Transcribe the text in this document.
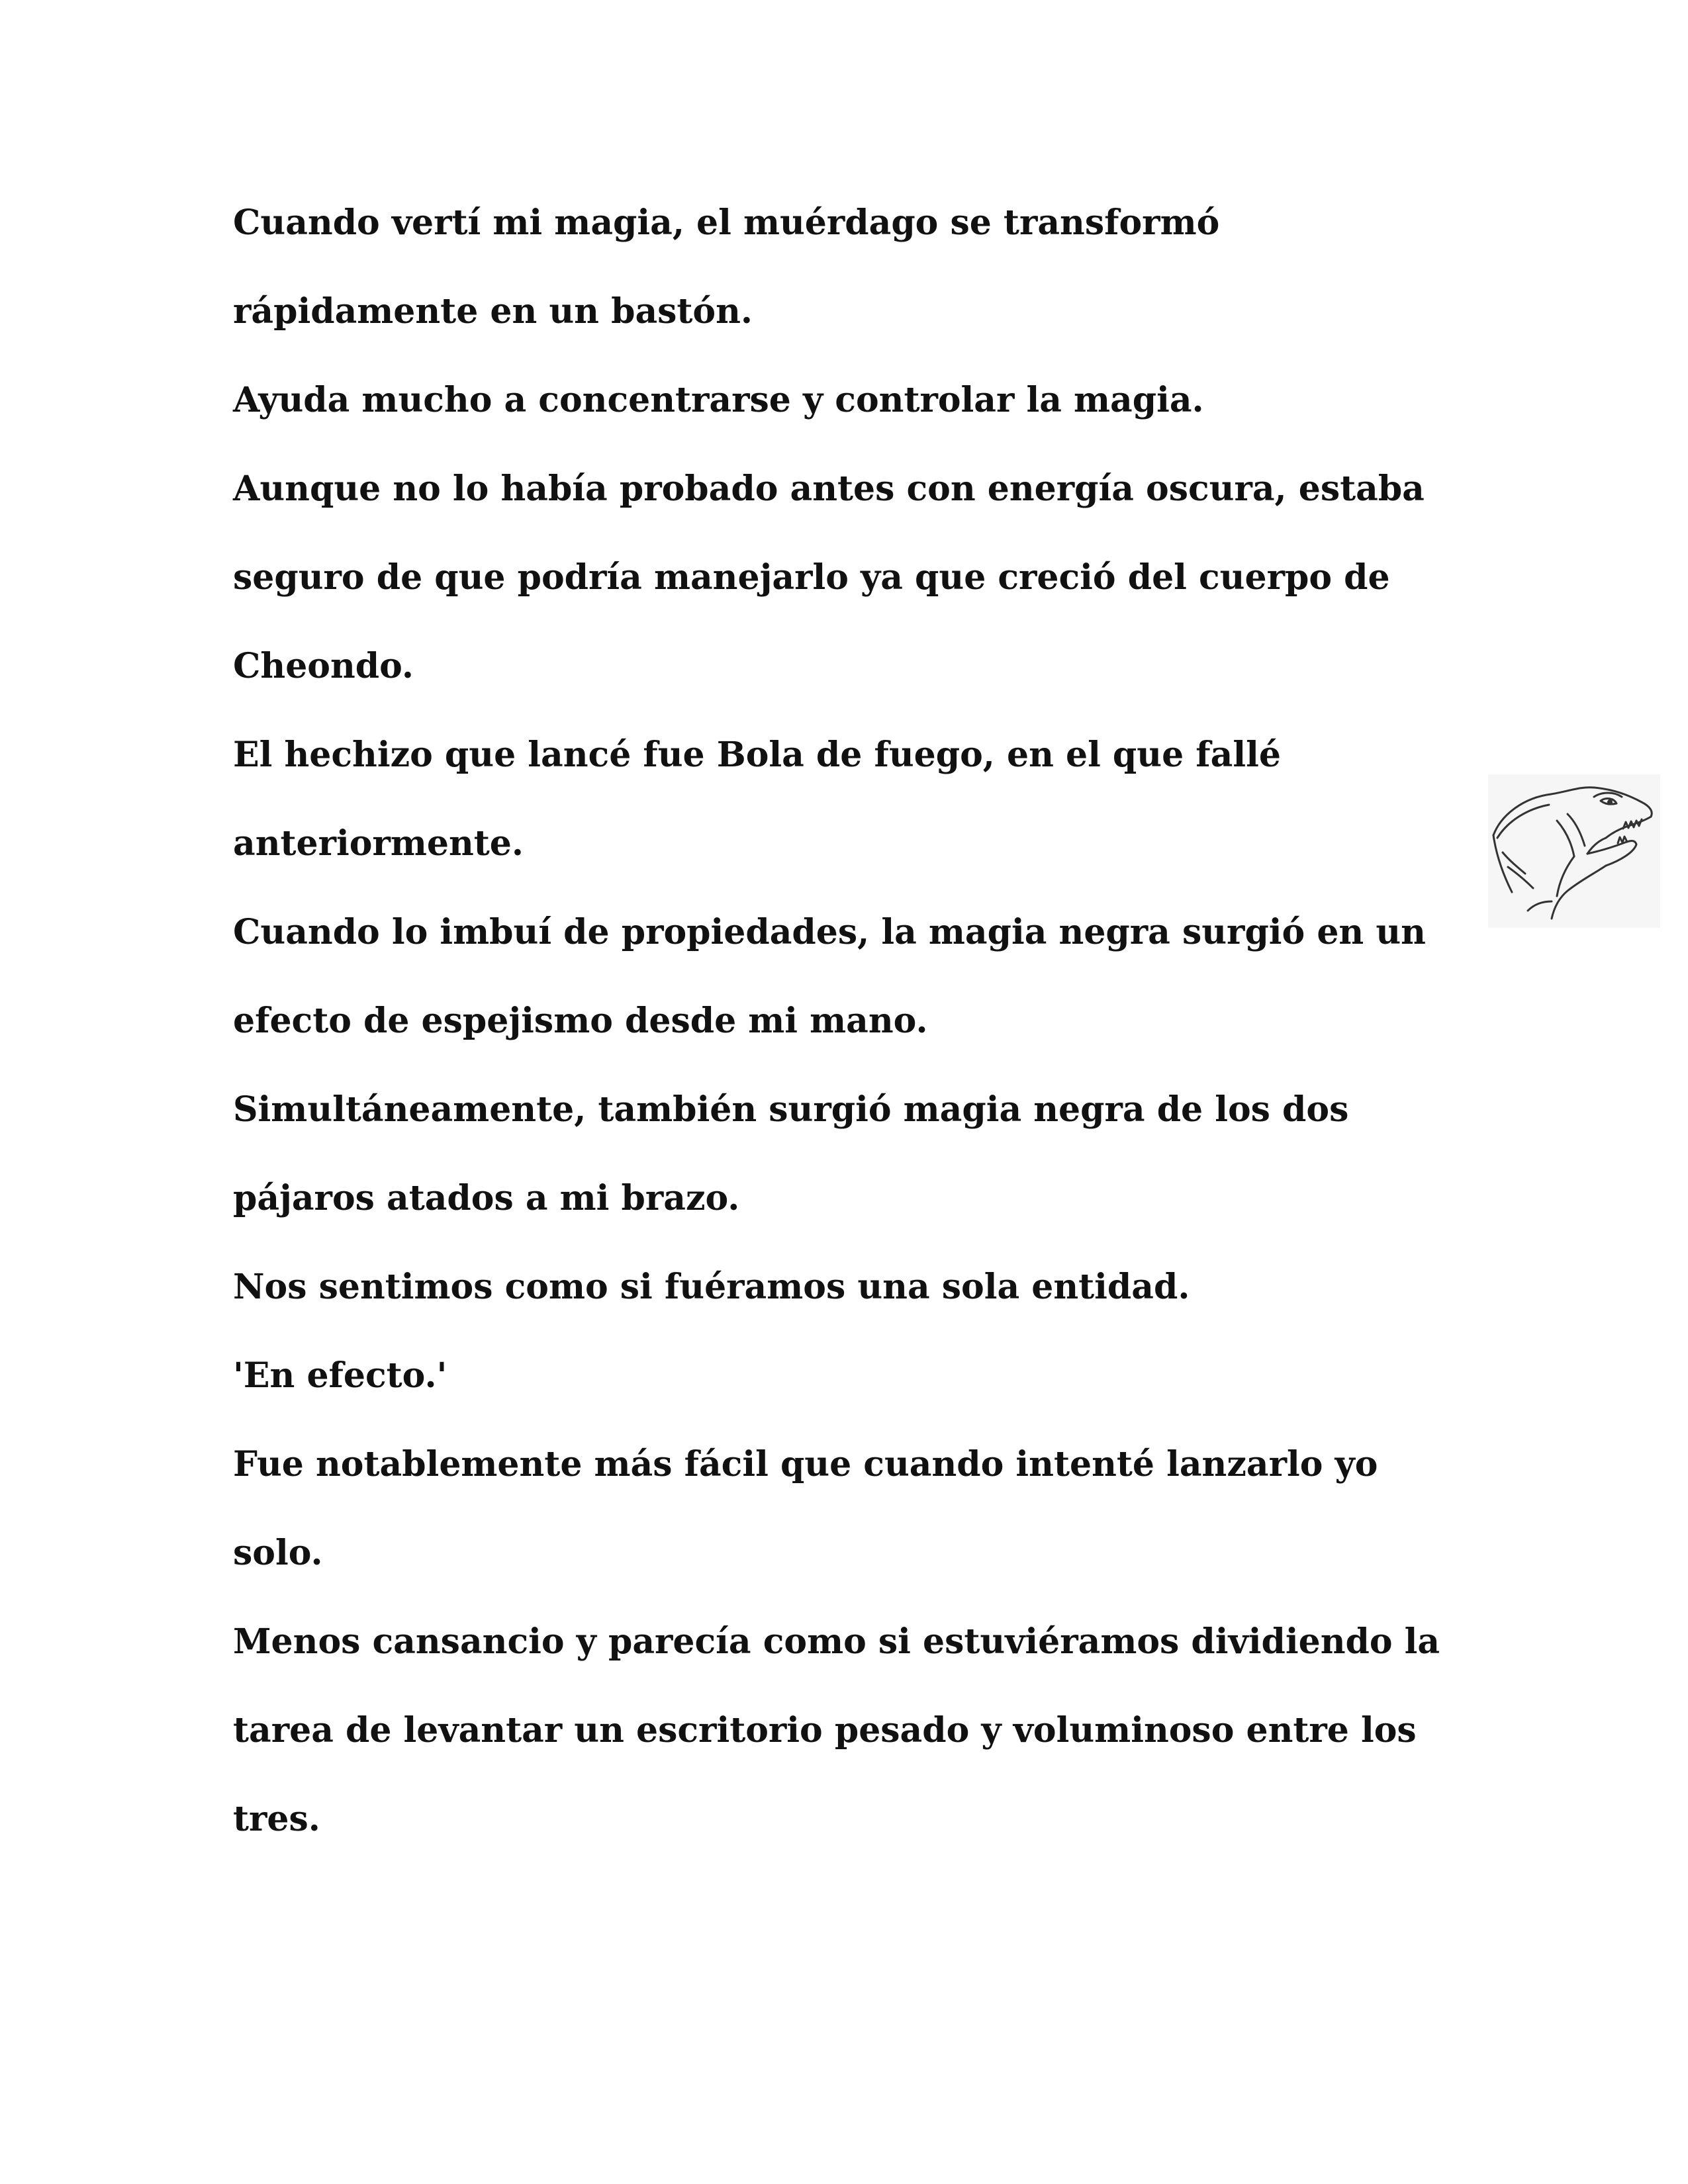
Cuando vertí mi magia, el muérdago se transformó
rápidamente en un bastón.
Ayuda mucho a concentrarse y controlar la magia.
Aunque no lo había probado antes con energía oscura, estaba
seguro de que podría manejarlo ya que creció del cuerpo de
Cheondo.
El hechizo que lancé fue Bola de fuego, en el que fallé
anteriormente.
Cuando lo imbuí de propiedades, la magia negra surgió en un
efecto de espejismo desde mi mano.
Simultáneamente, también surgió magia negra de los dos
pájaros atados a mi brazo.
Nos sentimos como si fuéramos una sola entidad.
'En efecto.'
Fue notablemente más fácil que cuando intenté lanzarlo yo
solo.
Menos cansancio y parecía como si estuviéramos dividiendo la
tarea de levantar un escritorio pesado y voluminoso entre los
tres.
